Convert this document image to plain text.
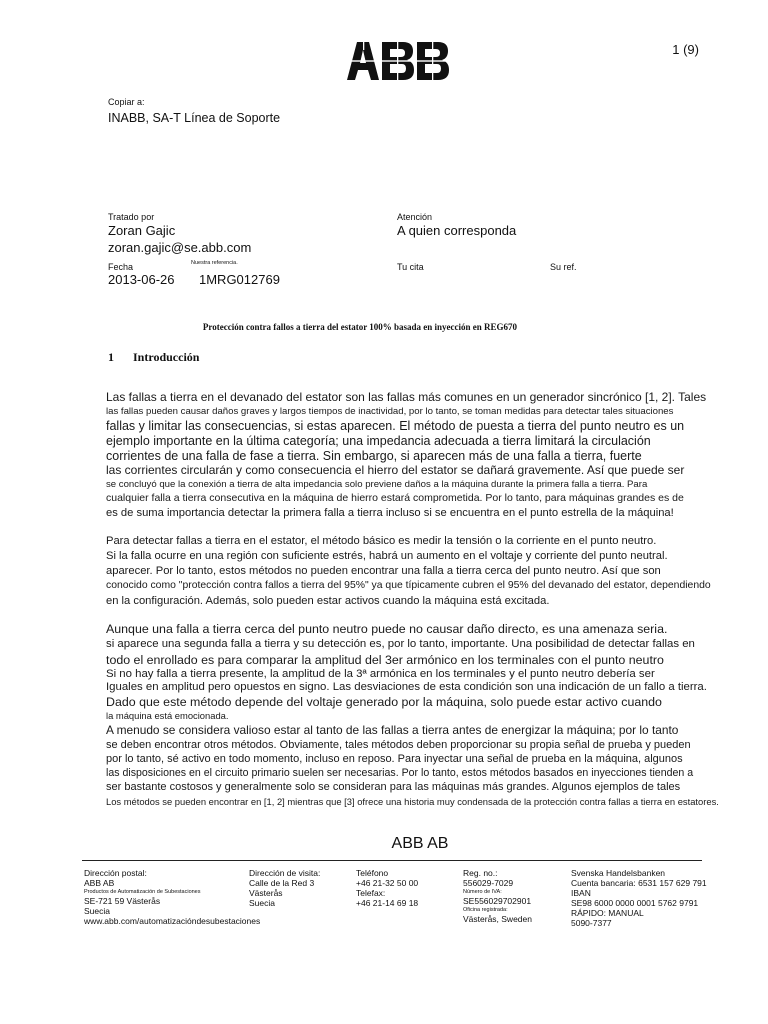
1 (9)
Copiar a:
INABB, SA-T Línea de Soporte
Tratado por
Zoran Gajic
zoran.gajic@se.abb.com
Atención
A quien corresponda
Fecha	Nuestra referencia.
2013-06-26 1MRG012769
Tu cita	Su ref.
Protección contra fallos a tierra del estator 100% basada en inyección en REG670
1 Introducción
Las fallas a tierra en el devanado del estator son las fallas más comunes en un generador sincrónico [1, 2]. Tales
las fallas pueden causar daños graves y largos tiempos de inactividad, por lo tanto, se toman medidas para detectar tales situaciones
fallas y limitar las consecuencias, si estas aparecen. El método de puesta a tierra del punto neutro es un
ejemplo importante en la última categoría; una impedancia adecuada a tierra limitará la circulación
corrientes de una falla de fase a tierra. Sin embargo, si aparecen más de una falla a tierra, fuerte
las corrientes circularán y como consecuencia el hierro del estator se dañará gravemente. Así que puede ser
se concluyó que la conexión a tierra de alta impedancia solo previene daños a la máquina durante la primera falla a tierra. Para
cualquier falla a tierra consecutiva en la máquina de hierro estará comprometida. Por lo tanto, para máquinas grandes es de
es de suma importancia detectar la primera falla a tierra incluso si se encuentra en el punto estrella de la máquina!
Para detectar fallas a tierra en el estator, el método básico es medir la tensión o la corriente en el punto neutro.
Si la falla ocurre en una región con suficiente estrés, habrá un aumento en el voltaje y corriente del punto neutral.
aparecer. Por lo tanto, estos métodos no pueden encontrar una falla a tierra cerca del punto neutro. Así que son
conocido como "protección contra fallos a tierra del 95%" ya que típicamente cubren el 95% del devanado del estator, dependiendo
en la configuración. Además, solo pueden estar activos cuando la máquina está excitada.
Aunque una falla a tierra cerca del punto neutro puede no causar daño directo, es una amenaza seria.
si aparece una segunda falla a tierra y su detección es, por lo tanto, importante. Una posibilidad de detectar fallas en
todo el enrollado es para comparar la amplitud del 3er armónico en los terminales con el punto neutro
Si no hay falla a tierra presente, la amplitud de la 3ª armónica en los terminales y el punto neutro debería ser
Iguales en amplitud pero opuestos en signo. Las desviaciones de esta condición son una indicación de un fallo a tierra.
Dado que este método depende del voltaje generado por la máquina, solo puede estar activo cuando
la máquina está emocionada.
A menudo se considera valioso estar al tanto de las fallas a tierra antes de energizar la máquina; por lo tanto
se deben encontrar otros métodos. Obviamente, tales métodos deben proporcionar su propia señal de prueba y pueden
por lo tanto, sé activo en todo momento, incluso en reposo. Para inyectar una señal de prueba en la máquina, algunos
las disposiciones en el circuito primario suelen ser necesarias. Por lo tanto, estos métodos basados en inyecciones tienden a
ser bastante costosos y generalmente solo se consideran para las máquinas más grandes. Algunos ejemplos de tales
Los métodos se pueden encontrar en [1, 2] mientras que [3] ofrece una historia muy condensada de la protección contra fallas a tierra en estatores.
ABB AB
Dirección postal:
ABB AB
Productos de Automatización de Subestaciones
SE-721 59 Västerås
Suecia
www.abb.com/automatizacióndesubestaciones
Dirección de visita:
Calle de la Red 3
Västerås
Suecia
Teléfono
+46 21-32 50 00
Telefax:
+46 21-14 69 18
Reg. no.:
556029-7029
Número de IVA:
SE556029702901
Oficina registrada:
Västerås, Sweden
Svenska Handelsbanken
Cuenta bancaria: 6531 157 629 791
IBAN
SE98 6000 0000 0001 5762 9791
RÁPIDO: MANUAL
5090-7377
